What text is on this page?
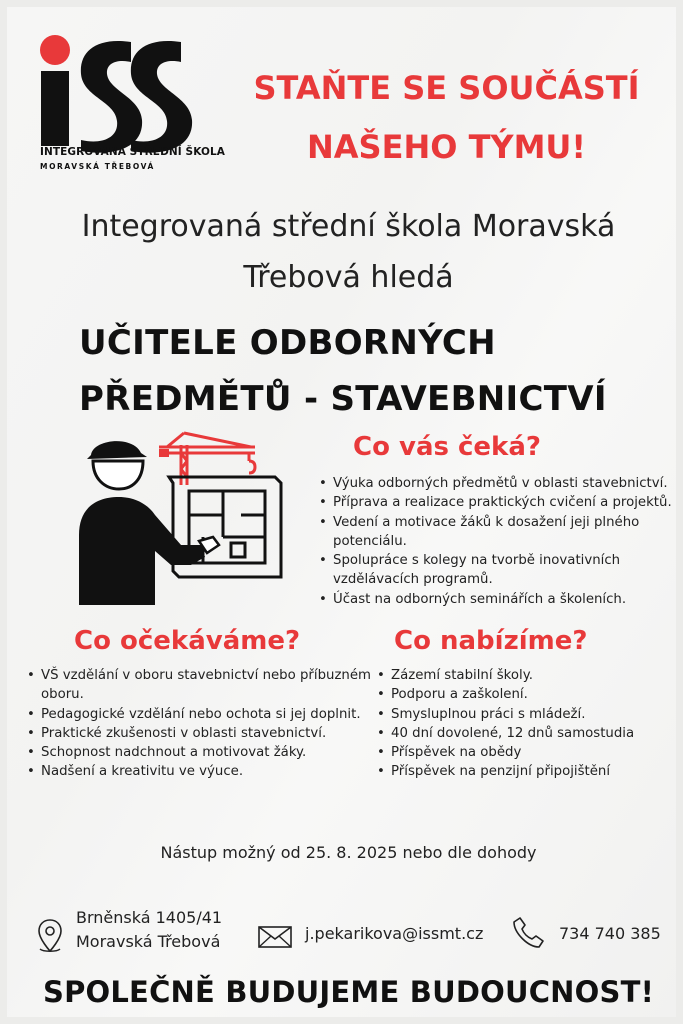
INTEGROVANÁ STŘEDNÍ ŠKOLA
MORAVSKÁ TŘEBOVÁ
STAŇTE SE SOUČÁSTÍ
NAŠEHO TÝMU!
Integrovaná střední škola Moravská
Třebová hledá
UČITELE ODBORNÝCH
PŘEDMĚTŮ - STAVEBNICTVÍ
Co vás čeká?
• Výuka odborných předmětů v oblasti stavebnictví.
• Příprava a realizace praktických cvičení a projektů.
• Vedení a motivace žáků k dosažení jeji plného potenciálu.
• Spolupráce s kolegy na tvorbě inovativních vzdělávacích programů.
• Účast na odborných seminářích a školeních.
Co očekáváme?
• VŠ vzdělání v oboru stavebnictví nebo příbuzném oboru.
• Pedagogické vzdělání nebo ochota si jej doplnit.
• Praktické zkušenosti v oblasti stavebnictví.
• Schopnost nadchnout a motivovat žáky.
• Nadšení a kreativitu ve výuce.
Co nabízíme?
• Zázemí stabilní školy.
• Podporu a zaškolení.
• Smysluplnou práci s mládeží.
• 40 dní dovolené, 12 dnů samostudia
• Příspěvek na obědy
• Příspěvek na penzijní připojištění
Nástup možný od 25. 8. 2025 nebo dle dohody
Brněnská 1405/41
Moravská Třebová	j.pekarikova@issmt.cz	734 740 385
SPOLEČNĚ BUDUJEME BUDOUCNOST!
